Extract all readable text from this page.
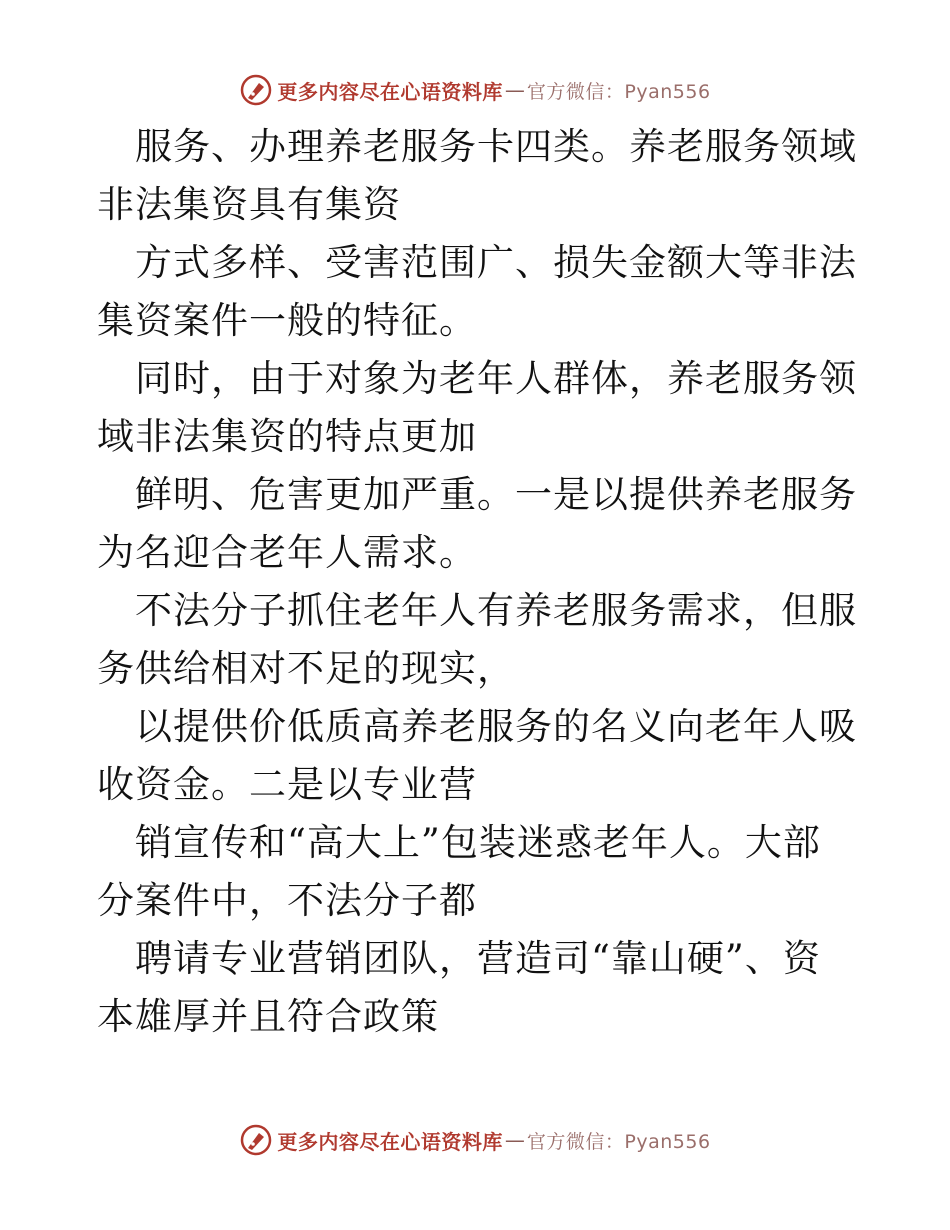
更多内容尽在心语资料库 — 官方微信：Pyan556

服务、办理养老服务卡四类。养老服务领域非法集资具有集资

方式多样、受害范围广、损失金额大等非法集资案件一般的特征。

同时，由于对象为老年人群体，养老服务领域非法集资的特点更加

鲜明、危害更加严重。一是以提供养老服务为名迎合老年人需求。

不法分子抓住老年人有养老服务需求，但服务供给相对不足的现实，

以提供价低质高养老服务的名义向老年人吸收资金。二是以专业营

销宣传和“高大上”包装迷惑老年人。大部分案件中，不法分子都

聘请专业营销团队，营造司“靠山硬”、资本雄厚并且符合政策

更多内容尽在心语资料库 — 官方微信：Pyan556
